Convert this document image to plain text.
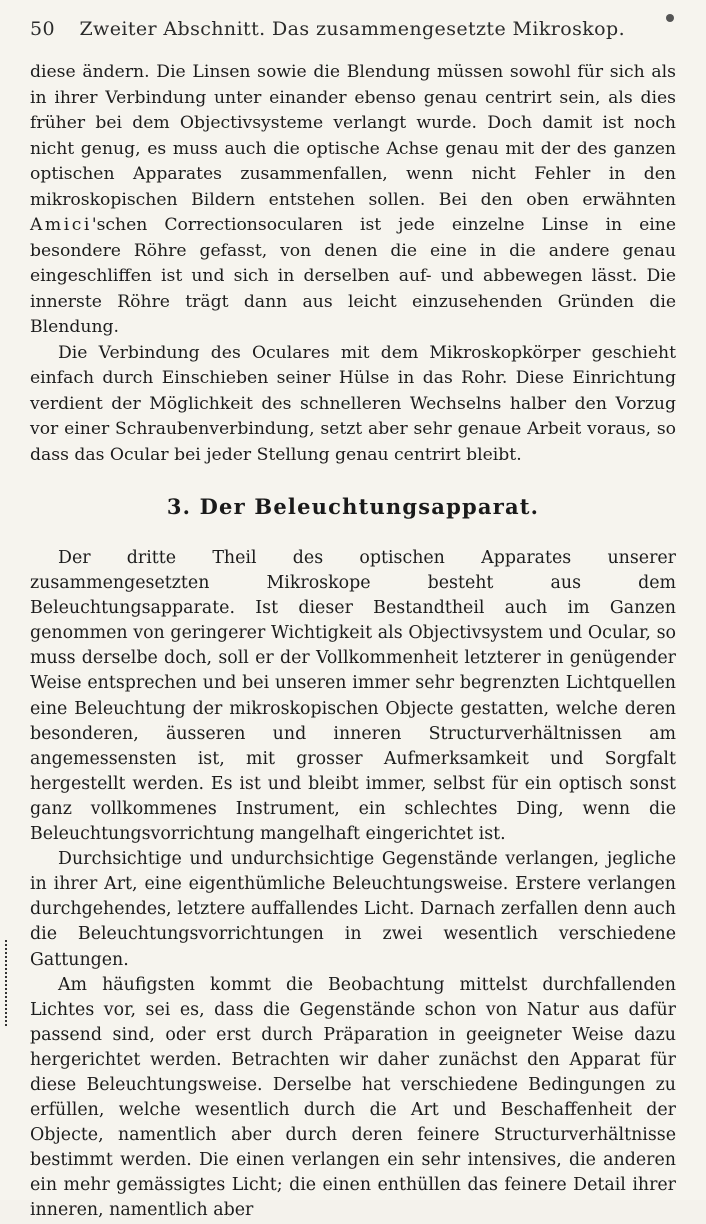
50 Zweiter Abschnitt. Das zusammengesetzte Mikroskop.

diese ändern. Die Linsen sowie die Blendung müssen sowohl für sich als in ihrer Verbindung unter einander ebenso genau centrirt sein, als dies früher bei dem Objectivsysteme verlangt wurde. Doch damit ist noch nicht genug, es muss auch die optische Achse genau mit der des ganzen optischen Apparates zusammenfallen, wenn nicht Fehler in den mikroskopischen Bildern entstehen sollen. Bei den oben erwähnten Amici'schen Correctionsocularen ist jede einzelne Linse in eine besondere Röhre gefasst, von denen die eine in die andere genau eingeschliffen ist und sich in derselben auf- und abbewegen lässt. Die innerste Röhre trägt dann aus leicht einzusehenden Gründen die Blendung.

Die Verbindung des Oculares mit dem Mikroskopkörper geschieht einfach durch Einschieben seiner Hülse in das Rohr. Diese Einrichtung verdient der Möglichkeit des schnelleren Wechselns halber den Vorzug vor einer Schraubenverbindung, setzt aber sehr genaue Arbeit voraus, so dass das Ocular bei jeder Stellung genau centrirt bleibt.

3. Der Beleuchtungsapparat.

Der dritte Theil des optischen Apparates unserer zusammengesetzten Mikroskope besteht aus dem Beleuchtungsapparate. Ist dieser Bestandtheil auch im Ganzen genommen von geringerer Wichtigkeit als Objectivsystem und Ocular, so muss derselbe doch, soll er der Vollkommenheit letzterer in genügender Weise entsprechen und bei unseren immer sehr begrenzten Lichtquellen eine Beleuchtung der mikroskopischen Objecte gestatten, welche deren besonderen, äusseren und inneren Structurverhältnissen am angemessensten ist, mit grosser Aufmerksamkeit und Sorgfalt hergestellt werden. Es ist und bleibt immer, selbst für ein optisch sonst ganz vollkommenes Instrument, ein schlechtes Ding, wenn die Beleuchtungsvorrichtung mangelhaft eingerichtet ist.

Durchsichtige und undurchsichtige Gegenstände verlangen, jegliche in ihrer Art, eine eigenthümliche Beleuchtungsweise. Erstere verlangen durchgehendes, letztere auffallendes Licht. Darnach zerfallen denn auch die Beleuchtungsvorrichtungen in zwei wesentlich verschiedene Gattungen.

Am häufigsten kommt die Beobachtung mittelst durchfallenden Lichtes vor, sei es, dass die Gegenstände schon von Natur aus dafür passend sind, oder erst durch Präparation in geeigneter Weise dazu hergerichtet werden. Betrachten wir daher zunächst den Apparat für diese Beleuchtungsweise. Derselbe hat verschiedene Bedingungen zu erfüllen, welche wesentlich durch die Art und Beschaffenheit der Objecte, namentlich aber durch deren feinere Structurverhältnisse bestimmt werden. Die einen verlangen ein sehr intensives, die anderen ein mehr gemässigtes Licht; die einen enthüllen das feinere Detail ihrer inneren, namentlich aber
